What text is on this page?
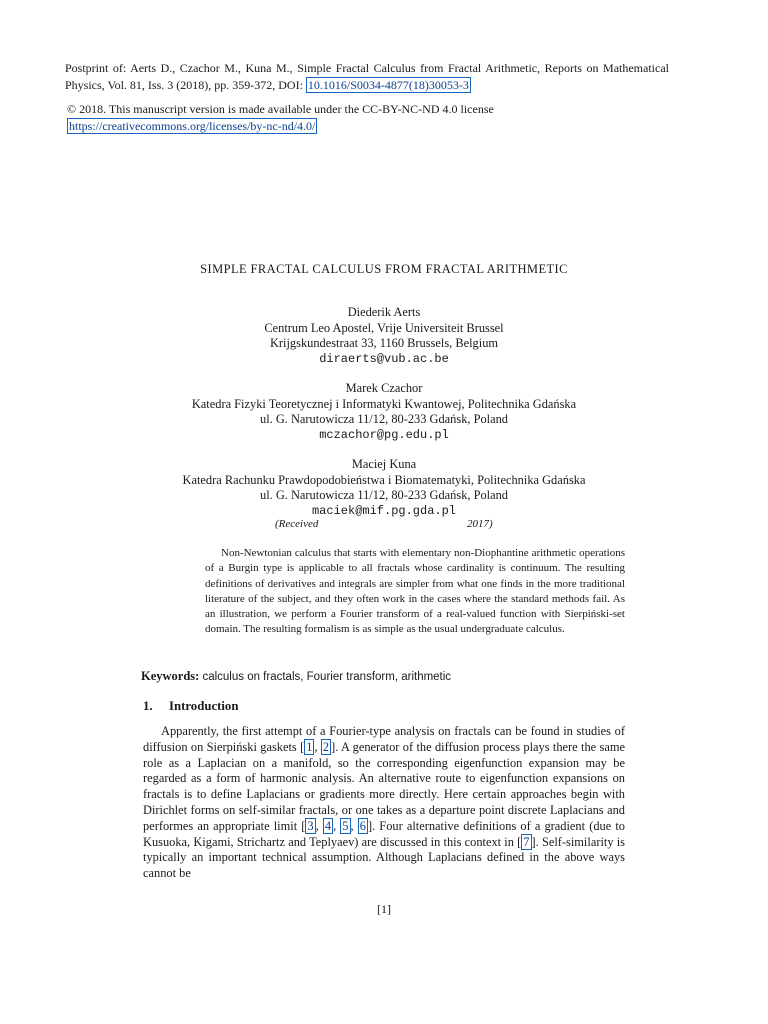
Postprint of: Aerts D., Czachor M., Kuna M., Simple Fractal Calculus from Fractal Arithmetic, Reports on Mathematical Physics, Vol. 81, Iss. 3 (2018), pp. 359-372, DOI: 10.1016/S0034-4877(18)30053-3
© 2018. This manuscript version is made available under the CC-BY-NC-ND 4.0 license
https://creativecommons.org/licenses/by-nc-nd/4.0/
SIMPLE FRACTAL CALCULUS FROM FRACTAL ARITHMETIC
Diederik Aerts
Centrum Leo Apostel, Vrije Universiteit Brussel
Krijgskundestraat 33, 1160 Brussels, Belgium
diraerts@vub.ac.be
Marek Czachor
Katedra Fizyki Teoretycznej i Informatyki Kwantowej, Politechnika Gdańska
ul. G. Narutowicza 11/12, 80-233 Gdańsk, Poland
mczachor@pg.edu.pl
Maciej Kuna
Katedra Rachunku Prawdopodobieństwa i Biomatematyki, Politechnika Gdańska
ul. G. Narutowicza 11/12, 80-233 Gdańsk, Poland
maciek@mif.pg.gda.pl
(Received	2017)
Non-Newtonian calculus that starts with elementary non-Diophantine arithmetic operations of a Burgin type is applicable to all fractals whose cardinality is continuum. The resulting definitions of derivatives and integrals are simpler from what one finds in the more traditional literature of the subject, and they often work in the cases where the standard methods fail. As an illustration, we perform a Fourier transform of a real-valued function with Sierpiński-set domain. The resulting formalism is as simple as the usual undergraduate calculus.
Keywords: calculus on fractals, Fourier transform, arithmetic
1. Introduction
Apparently, the first attempt of a Fourier-type analysis on fractals can be found in studies of diffusion on Sierpiński gaskets [ 1 , 2 ]. A generator of the diffusion process plays there the same role as a Laplacian on a manifold, so the corresponding eigenfunction expansion may be regarded as a form of harmonic analysis. An alternative route to eigenfunction expansions on fractals is to define Laplacians or gradients more directly. Here certain approaches begin with Dirichlet forms on self-similar fractals, or one takes as a departure point discrete Laplacians and performes an appropriate limit [ 3 , 4 , 5 , 6 ]. Four alternative definitions of a gradient (due to Kusuoka, Kigami, Strichartz and Teplyaev) are discussed in this context in [ 7 ]. Self-similarity is typically an important technical assumption. Although Laplacians defined in the above ways cannot be
[1]
